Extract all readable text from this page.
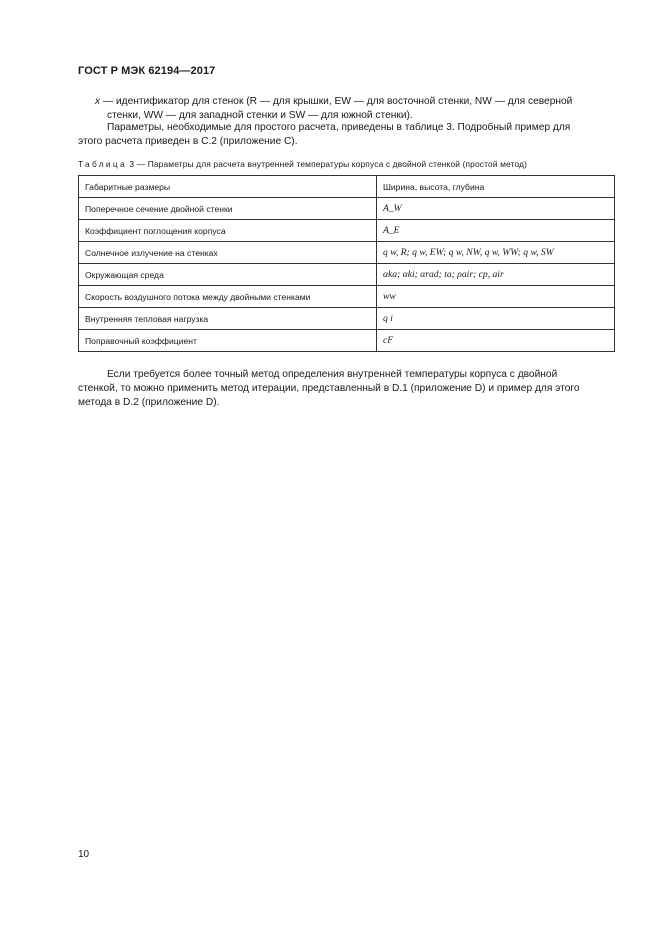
ГОСТ Р МЭК 62194—2017
x — идентификатор для стенок (R — для крышки, EW — для восточной стенки, NW — для северной
стенки, WW — для западной стенки и SW — для южной стенки).
Параметры, необходимые для простого расчета, приведены в таблице 3. Подробный пример для
этого расчета приведен в С.2 (приложение С).
Таблица 3 — Параметры для расчета внутренней температуры корпуса с двойной стенкой (простой метод)
Габаритные размеры	Ширина, высота, глубина
Поперечное сечение двойной стенки	A_W
Коэффициент поглощения корпуса	A_E
Солнечное излучение на стенках	q w, R; q w, EW; q w, NW, q w, WW; q w, SW
Окружающая среда	αka; αki; αrad; ta; ρair; cp, air
Скорость воздушного потока между двойными стенками	ww
Внутренняя тепловая нагрузка	q i
Поправочный коэффициент	cF
Если требуется более точный метод определения внутренней температуры корпуса с двойной
стенкой, то можно применить метод итерации, представленный в D.1 (приложение D) и пример для этого
метода в D.2 (приложение D).
10
